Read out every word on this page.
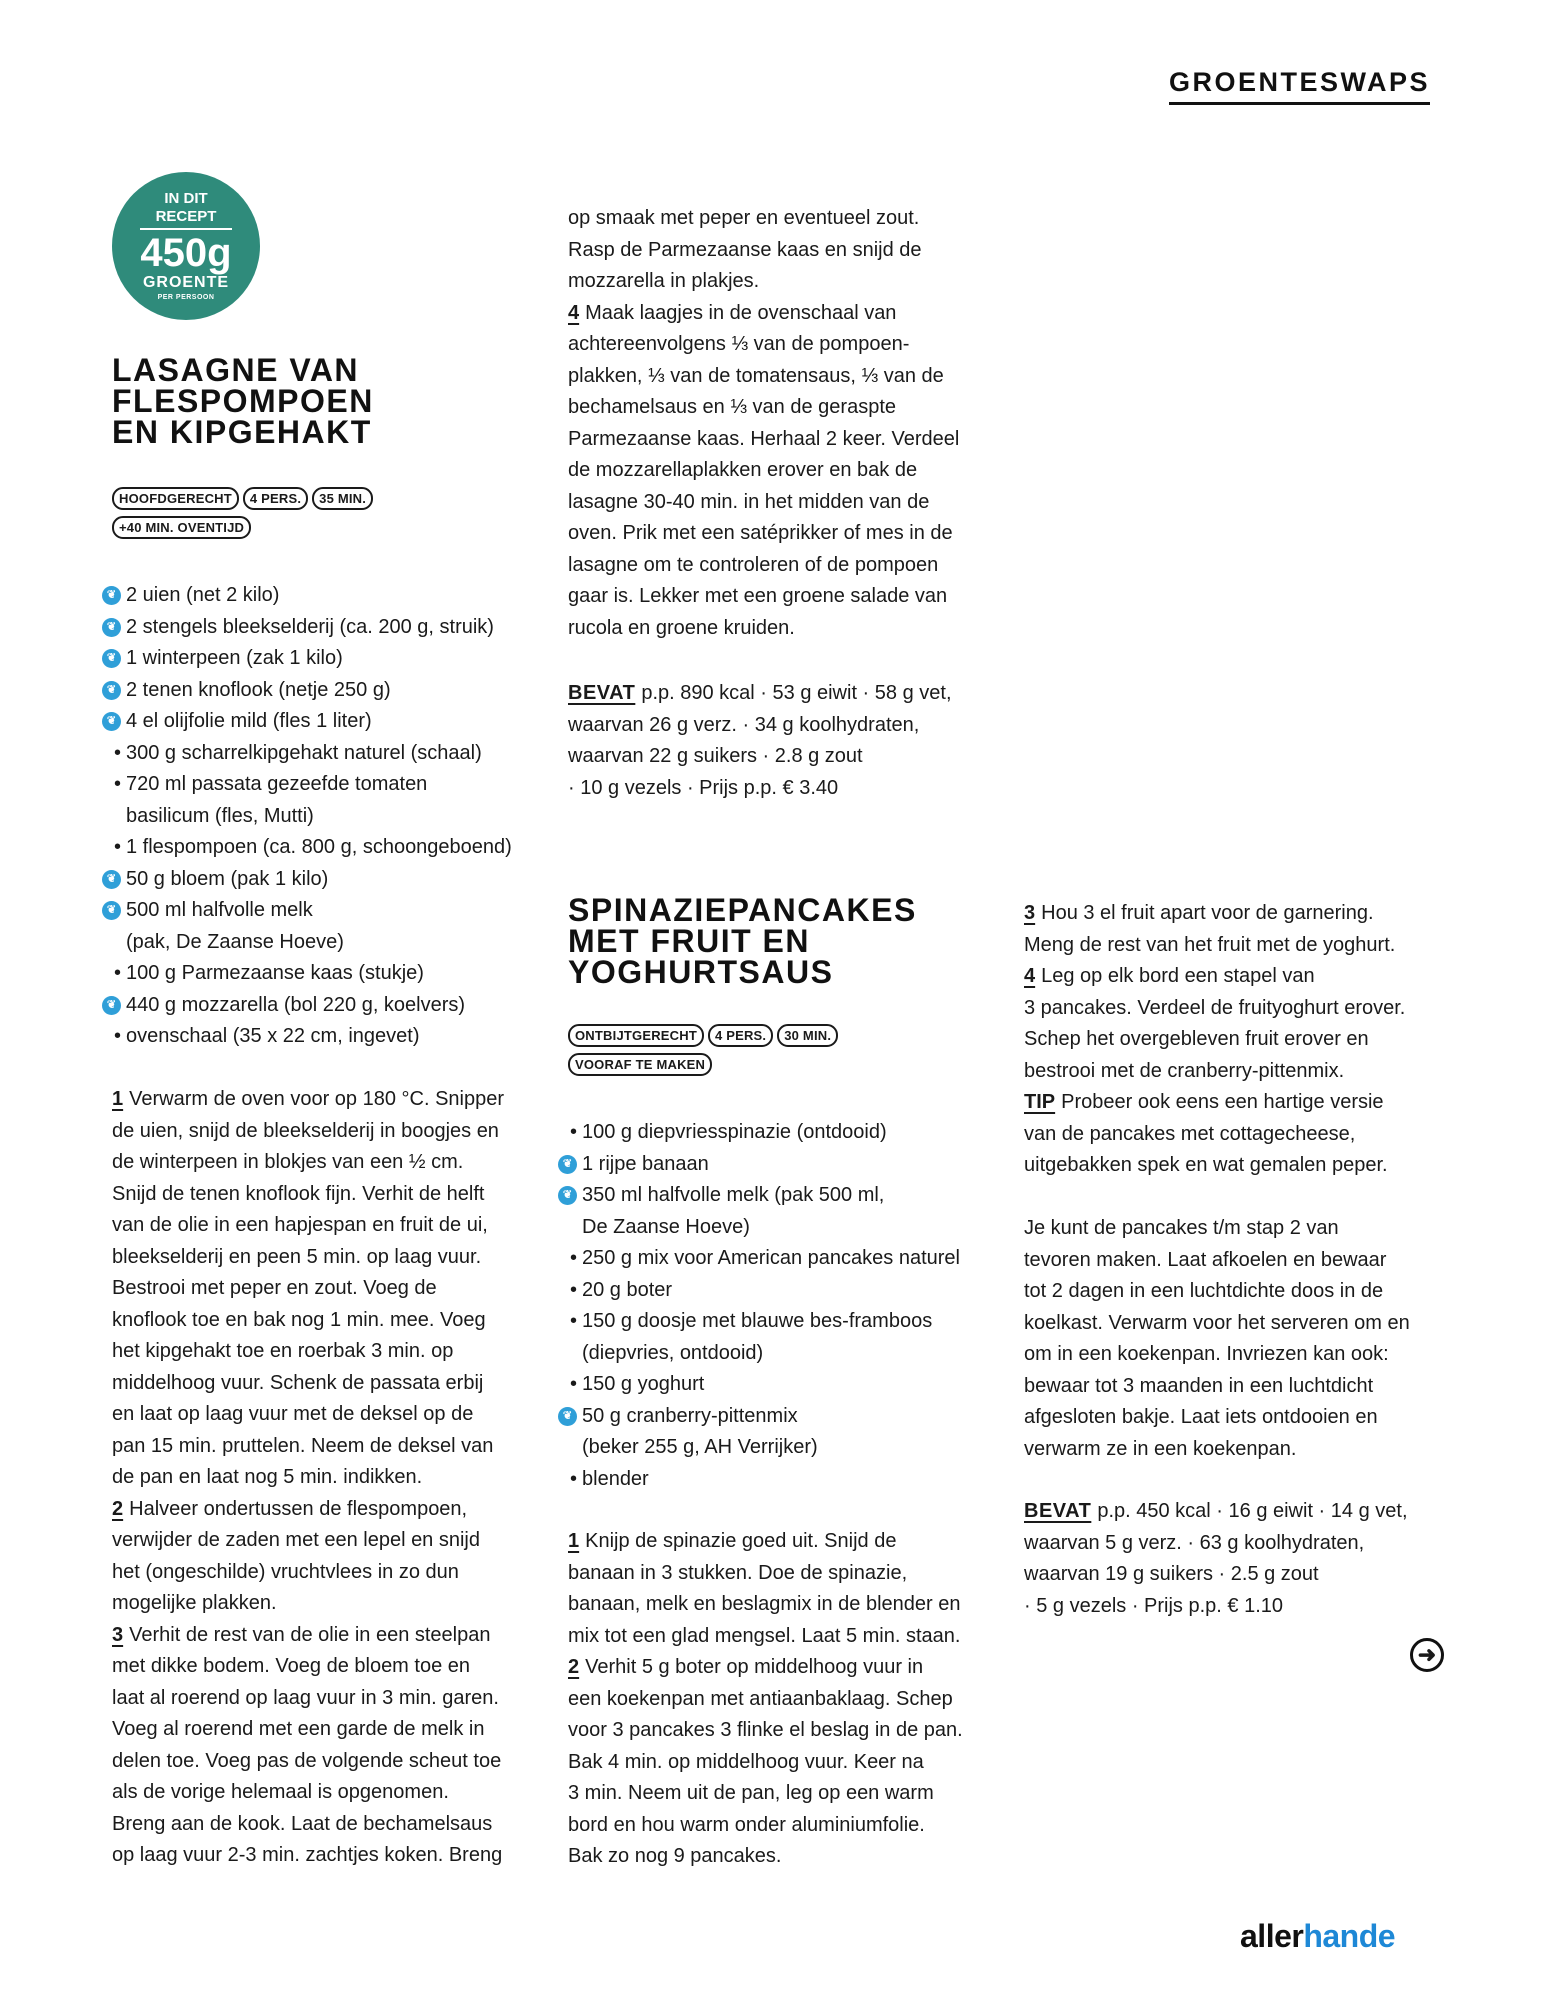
GROENTESWAPS
IN DIT
RECEPT
450g
GROENTE
PER PERSOON
LASAGNE VAN
FLESPOMPOEN
EN KIPGEHAKT
HOOFDGERECHT 4 PERS. 35 MIN.+40 MIN. OVENTIJD
❦ 2 uien (net 2 kilo)
❦ 2 stengels bleekselderij (ca. 200 g, struik)
❦ 1 winterpeen (zak 1 kilo)
❦ 2 tenen knoflook (netje 250 g)
❦ 4 el olijfolie mild (fles 1 liter)
• 300 g scharrelkipgehakt naturel (schaal)
• 720 ml passata gezeefde tomaten
basilicum (fles, Mutti)
• 1 flespompoen (ca. 800 g, schoongeboend)
❦ 50 g bloem (pak 1 kilo)
❦ 500 ml halfvolle melk
(pak, De Zaanse Hoeve)
• 100 g Parmezaanse kaas (stukje)
❦ 440 g mozzarella (bol 220 g, koelvers)
• ovenschaal (35 x 22 cm, ingevet)
1 Verwarm de oven voor op 180 °C. Snipper

de uien, snijd de bleekselderij in boogjes en
de winterpeen in blokjes van een ½ cm.
Snijd de tenen knoflook fijn. Verhit de helft
van de olie in een hapjespan en fruit de ui,
bleekselderij en peen 5 min. op laag vuur.
Bestrooi met peper en zout. Voeg de
knoflook toe en bak nog 1 min. mee. Voeg
het kipgehakt toe en roerbak 3 min. op
middelhoog vuur. Schenk de passata erbij
en laat op laag vuur met de deksel op de
pan 15 min. pruttelen. Neem de deksel van
de pan en laat nog 5 min. indikken.
2 Halveer ondertussen de flespompoen,

verwijder de zaden met een lepel en snijd
het (ongeschilde) vruchtvlees in zo dun
mogelijke plakken.
3 Verhit de rest van de olie in een steelpan

met dikke bodem. Voeg de bloem toe en
laat al roerend op laag vuur in 3 min. garen.
Voeg al roerend met een garde de melk in
delen toe. Voeg pas de volgende scheut toe
als de vorige helemaal is opgenomen.
Breng aan de kook. Laat de bechamelsaus
op laag vuur 2-3 min. zachtjes koken. Breng
op smaak met peper en eventueel zout.
Rasp de Parmezaanse kaas en snijd de
mozzarella in plakjes.
4 Maak laagjes in de ovenschaal van

achtereenvolgens ⅓ van de pompoen-
plakken, ⅓ van de tomatensaus, ⅓ van de
bechamelsaus en ⅓ van de geraspte
Parmezaanse kaas. Herhaal 2 keer. Verdeel
de mozzarellaplakken erover en bak de
lasagne 30-40 min. in het midden van de
oven. Prik met een satéprikker of mes in de
lasagne om te controleren of de pompoen
gaar is. Lekker met een groene salade van
rucola en groene kruiden.
BEVAT p.p. 890 kcal · 53 g eiwit · 58 g vet,

waarvan 26 g verz. · 34 g koolhydraten,
waarvan 22 g suikers · 2.8 g zout
· 10 g vezels · Prijs p.p. € 3.40
SPINAZIEPANCAKES
MET FRUIT EN
YOGHURTSAUS
ONTBIJTGERECHT 4 PERS. 30 MIN.VOORAF TE MAKEN
• 100 g diepvriesspinazie (ontdooid)
❦ 1 rijpe banaan
❦ 350 ml halfvolle melk (pak 500 ml,
De Zaanse Hoeve)
• 250 g mix voor American pancakes naturel
• 20 g boter
• 150 g doosje met blauwe bes-framboos
(diepvries, ontdooid)
• 150 g yoghurt
❦ 50 g cranberry-pittenmix
(beker 255 g, AH Verrijker)
• blender
1 Knijp de spinazie goed uit. Snijd de

banaan in 3 stukken. Doe de spinazie,
banaan, melk en beslagmix in de blender en
mix tot een glad mengsel. Laat 5 min. staan.
2 Verhit 5 g boter op middelhoog vuur in

een koekenpan met antiaanbaklaag. Schep
voor 3 pancakes 3 flinke el beslag in de pan.
Bak 4 min. op middelhoog vuur. Keer na
3 min. Neem uit de pan, leg op een warm
bord en hou warm onder aluminiumfolie.
Bak zo nog 9 pancakes.
3 Hou 3 el fruit apart voor de garnering.

Meng de rest van het fruit met de yoghurt.
4 Leg op elk bord een stapel van

3 pancakes. Verdeel de fruityoghurt erover.
Schep het overgebleven fruit erover en
bestrooi met de cranberry-pittenmix.
TIP Probeer ook eens een hartige versie

van de pancakes met cottagecheese,
uitgebakken spek en wat gemalen peper.
Je kunt de pancakes t/m stap 2 van
tevoren maken. Laat afkoelen en bewaar
tot 2 dagen in een luchtdichte doos in de
koelkast. Verwarm voor het serveren om en
om in een koekenpan. Invriezen kan ook:
bewaar tot 3 maanden in een luchtdicht
afgesloten bakje. Laat iets ontdooien en
verwarm ze in een koekenpan.
BEVAT p.p. 450 kcal · 16 g eiwit · 14 g vet,

waarvan 5 g verz. · 63 g koolhydraten,
waarvan 19 g suikers · 2.5 g zout
· 5 g vezels · Prijs p.p. € 1.10
➜
allerhande
